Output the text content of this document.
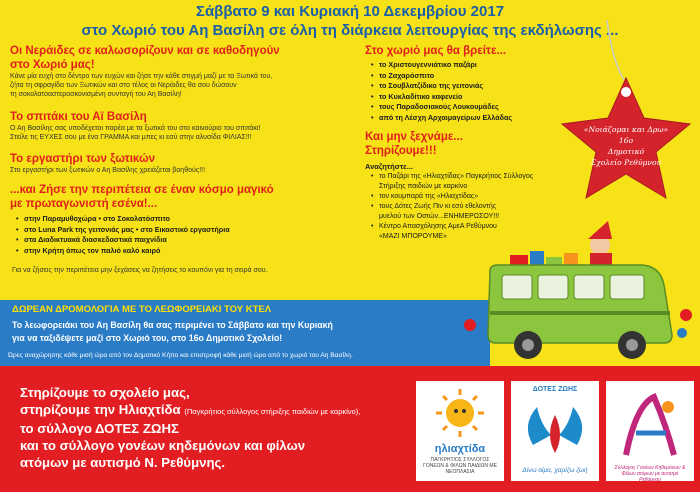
Σάββατο 9 και Κυριακή 10 Δεκεμβρίου 2017
στο Χωριό του Αη Βασίλη σε όλη τη διάρκεια λειτουργίας της εκδήλωσης ...
Οι Νεράιδες σε καλωσορίζουν και σε καθοδηγούν
στο Χωριό μας!
Κάνε μία ευχή στο δέντρο των ευχών και ζήσε την κάθε στιγμή μαζί με τα Ξωτικά του,
ζήτα τη σφραγίδα των Ξωτικών και στο τέλος οι Νεράιδες θα σου δώσουν
τη σοκολατοαστεροσκονισμένη συνταγή του Αη Βασίλη!
Το σπιτάκι του Αϊ Βασίλη
Ο Αη Βασίλης σας υποδέχεται παρέα με τα ξωτικά του στο καινούριο του σπιτάκι!
Στείλε τις ΕΥΧΕΣ σου με ένα ΓΡΑΜΜΑ και μπες κι εσύ στην αλυσίδα ΦΙΛΙΑΣ!!!
Το εργαστήρι των ξωτικών
Στο εργαστήρι των ξωτικών ο Αη Βασίλης χρειάζεται βοηθούς!!!
...και Ζήσε την περιπέτεια σε έναν κόσμο μαγικό
με πρωταγωνιστή εσένα!...
• στην Παραμυθοχώρα • στο Σοκολατόσπιτο
• στο Luna Park της γειτονιάς μας • στο Εικαστικό εργαστήρια
• στα Διαδικτυακά διασκεδαστικά παιχνίδια
• στην Κρήτη όπως τον παλιό καλό καιρό
Για να ζήσεις την περιπέτεια μην ξεχάσεις να ζητήσεις το κουπόνι για τη σειρά σου.
Στο χωριό μας θα βρείτε...
• το Χριστουγεννιάτικο παζάρι
• το Ζαχαρόσπιτο
• το Σουβλατζίδικο της γειτονιάς
• το Κυκλαδίτικο καφενείο
• τους Παραδοσιακούς Λουκουμάδες
• από τη Λέσχη Αρχαιμαγείρων Ελλάδας
Και μην ξεχνάμε...
Στηρίζουμε!!!
Αναζητήστε...
• το Παζάρι της «Ηλιαχτίδας» Παγκρήτιος Σύλλογος
Στήριξης παιδιών με καρκίνο
• τον κουμπαρά της «Ηλιαχτίδας»
• τους Δότες Ζωής Πιν κι εσύ εθελοντής
μυελού των Οστών...ΕΝΗΜΕΡΩΣΟΥ!!!
• Κέντρο Απασχόλησης ΑμεΑ Ρεθύμνου
«ΜΑΖΙ ΜΠΟΡΟΥΜΕ»
«Νοιάζομαι και Δρω»
16ο
Δημοτικό
Σχολείο Ρεθύμνου
ΔΩΡΕΑΝ ΔΡΟΜΟΛΟΓΙΑ ΜΕ ΤΟ ΛΕΩΦΟΡΕΙΑΚΙ ΤΟΥ ΚΤΕΛ
Το λεωφορειάκι του Αη Βασίλη θα σας περιμένει το Σάββατο και την Κυριακή
για να ταξιδέψετε μαζί στο Χωριό του, στο 16ο Δημοτικό Σχολείο!
Ώρες αναχώρησης κάθε μισή ώρα από τον Δημοτικό Κήπο και επιστροφή κάθε μισή ώρα από το χωριό του Αη Βασίλη.
Στηρίζουμε το σχολείο μας,
στηρίζουμε την Ηλιαχτίδα (Παγκρήτιος σύλλογος στήριξης παιδιών με καρκίνο),
το σύλλογο ΔΟΤΕΣ ΖΩΗΣ
και το σύλλογο γονέων κηδεμόνων και φίλων
ατόμων με αυτισμό Ν. Ρεθύμνης.
ηλιαχτίδα
ΠΑΓΚΡΗΤΙΟΣ ΣΥΛΛΟΓΟΣ ΓΟΝΕΩΝ & ΦΙΛΩΝ ΠΑΙΔΙΩΝ ΜΕ ΝΕΟΠΛΑΣΙΑ
ΔΟΤΕΣ ΖΩΗΣ
Δίνω αίμα, χαρίζω ζωή	Σύλλογος Γονέων Κηδεμόνων & Φίλων ατόμων με αυτισμό Ρεθύμνου
